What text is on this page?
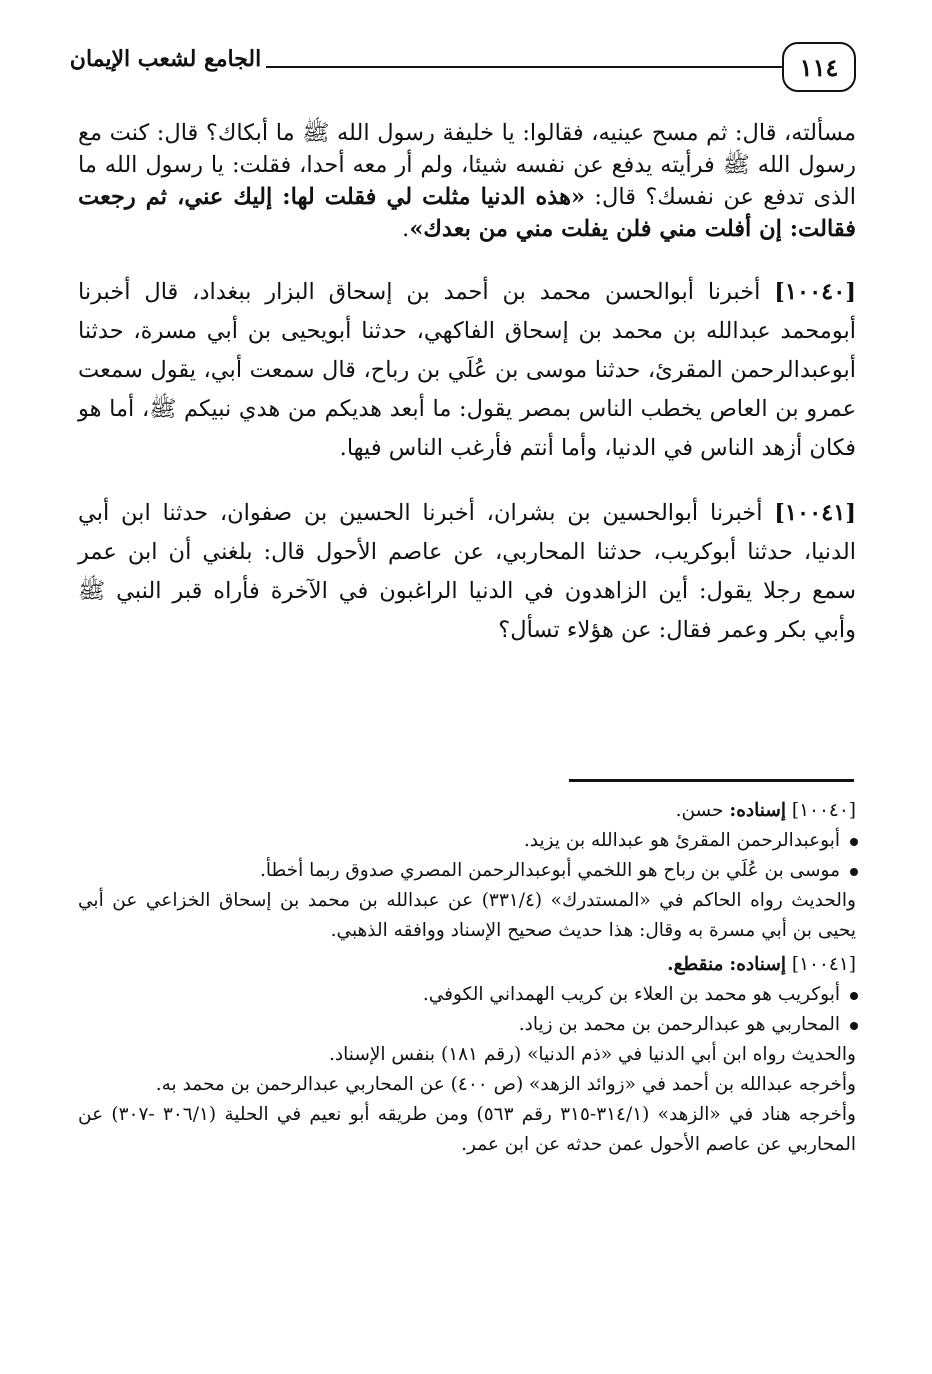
١١٤
الجامع لشعب الإيمان

مسألته، قال: ثم مسح عينيه، فقالوا: يا خليفة رسول الله ﷺ ما أبكاك؟ قال: كنت مع رسول الله ﷺ فرأيته يدفع عن نفسه شيئا، ولم أر معه أحدا، فقلت: يا رسول الله ما الذى تدفع عن نفسك؟ قال: «هذه الدنيا مثلت لي فقلت لها: إليك عني، ثم رجعت فقالت: إن أفلت مني فلن يفلت مني من بعدك».

[١٠٠٤٠] أخبرنا أبوالحسن محمد بن أحمد بن إسحاق البزار ببغداد، قال أخبرنا أبومحمد عبدالله بن محمد بن إسحاق الفاكهي، حدثنا أبويحيى بن أبي مسرة، حدثنا أبوعبدالرحمن المقرئ، حدثنا موسى بن عُلَي بن رباح، قال سمعت أبي، يقول سمعت عمرو بن العاص يخطب الناس بمصر يقول: ما أبعد هديكم من هدي نبيكم ﷺ، أما هو فكان أزهد الناس في الدنيا، وأما أنتم فأرغب الناس فيها.

[١٠٠٤١] أخبرنا أبوالحسين بن بشران، أخبرنا الحسين بن صفوان، حدثنا ابن أبي الدنيا، حدثنا أبوكريب، حدثنا المحاربي، عن عاصم الأحول قال: بلغني أن ابن عمر سمع رجلا يقول: أين الزاهدون في الدنيا الراغبون في الآخرة فأراه قبر النبي ﷺ وأبي بكر وعمر فقال: عن هؤلاء تسأل؟

[١٠٠٤٠] إسناده: حسن.

أبوعبدالرحمن المقرئ هو عبدالله بن يزيد.

موسى بن عُلَي بن رباح هو اللخمي أبوعبدالرحمن المصري صدوق ربما أخطأ.

والحديث رواه الحاكم في «المستدرك» (٣٣١/٤) عن عبدالله بن محمد بن إسحاق الخزاعي عن أبي يحيى بن أبي مسرة به وقال: هذا حديث صحيح الإسناد ووافقه الذهبي.

[١٠٠٤١] إسناده: منقطع.

أبوكريب هو محمد بن العلاء بن كريب الهمداني الكوفي.

المحاربي هو عبدالرحمن بن محمد بن زياد.

والحديث رواه ابن أبي الدنيا في «ذم الدنيا» (رقم ١٨١) بنفس الإسناد.

وأخرجه عبدالله بن أحمد في «زوائد الزهد» (ص ٤٠٠) عن المحاربي عبدالرحمن بن محمد به.

وأخرجه هناد في «الزهد» (٣١٤/١-٣١٥ رقم ٥٦٣) ومن طريقه أبو نعيم في الحلية (٣٠٦/١ -٣٠٧) عن المحاربي عن عاصم الأحول عمن حدثه عن ابن عمر.
